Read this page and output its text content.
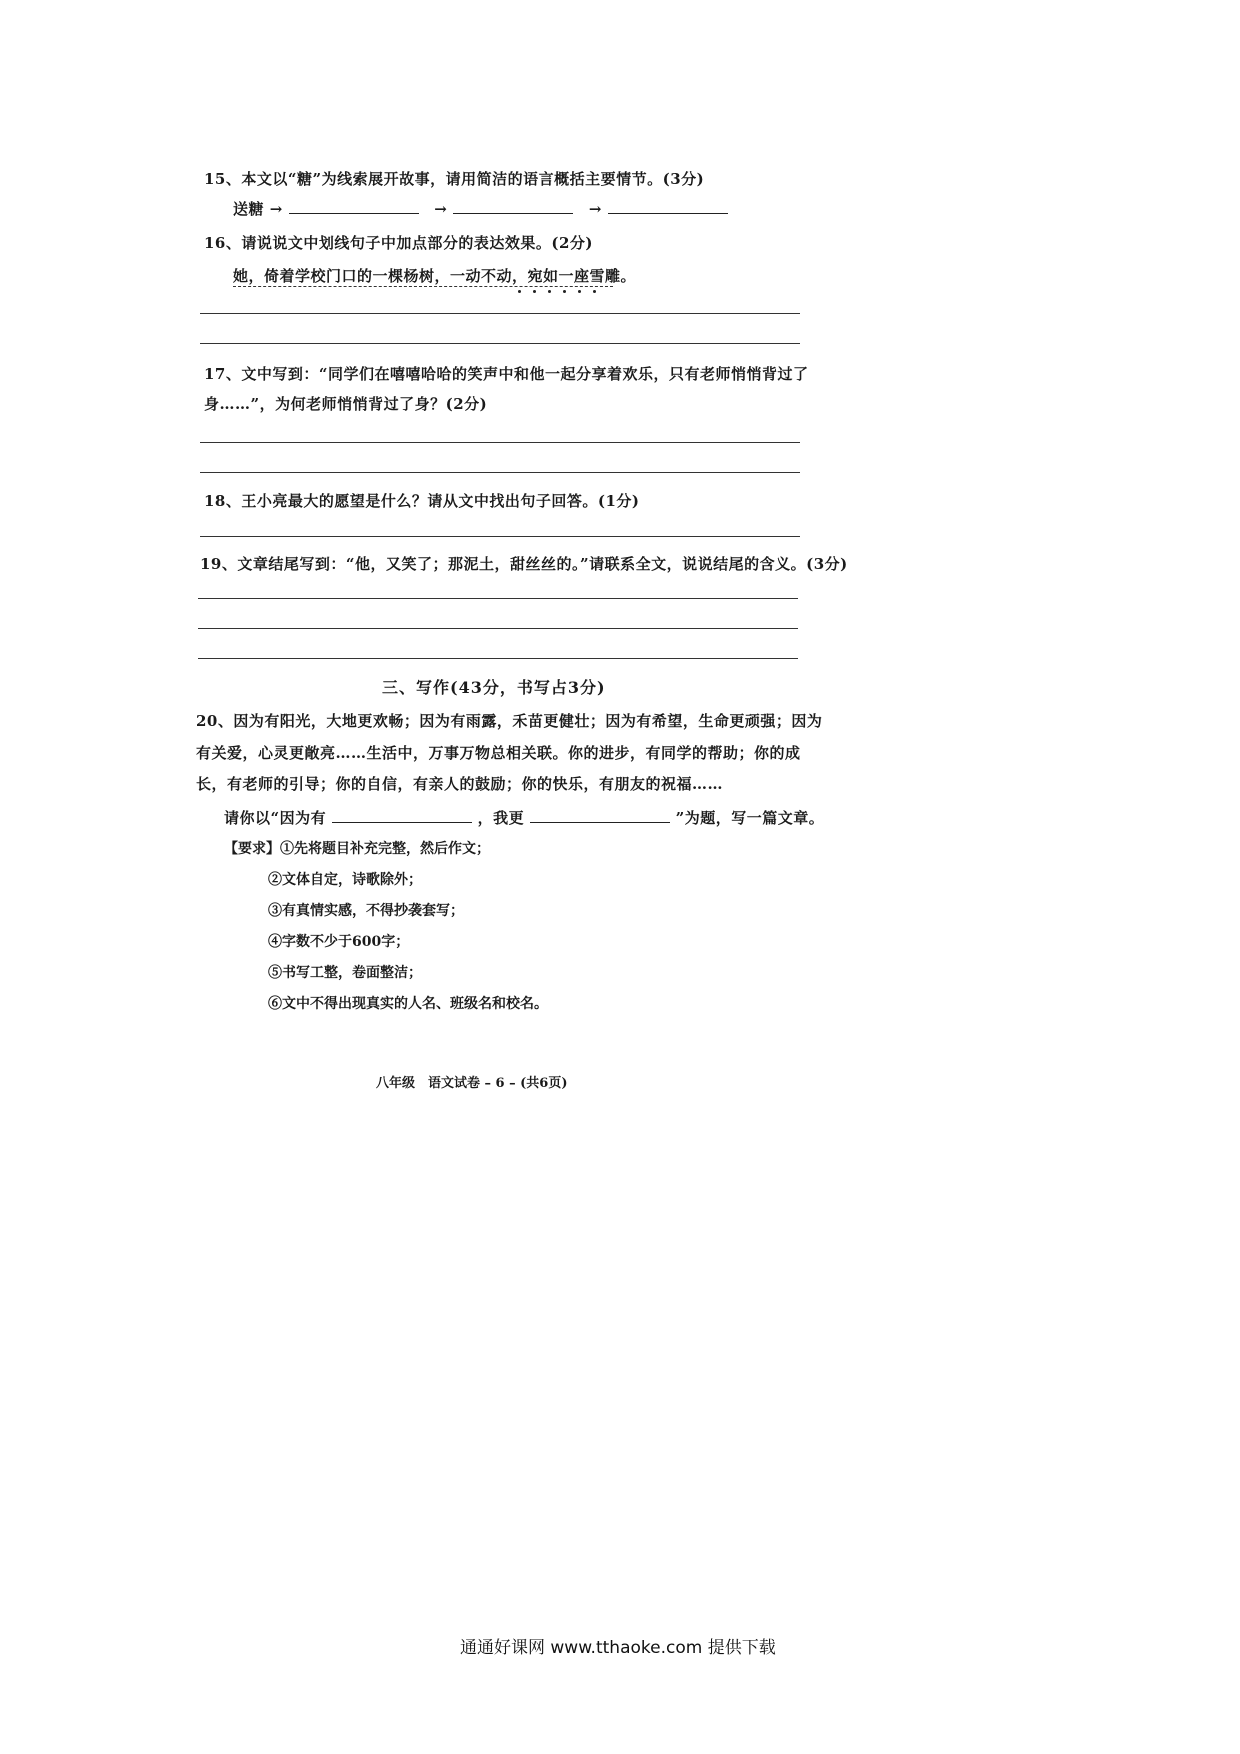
15、本文以“糖”为线索展开故事，请用简洁的语言概括主要情节。(3分)
送糖 →	→	→
16、请说说文中划线句子中加点部分的表达效果。(2分)
她，倚着学校门口的一棵杨树，一动不动，宛如一座雪雕。
17、文中写到：“同学们在嘻嘻哈哈的笑声中和他一起分享着欢乐，只有老师悄悄背过了
身……”，为何老师悄悄背过了身？(2分)
18、王小亮最大的愿望是什么？请从文中找出句子回答。(1分)
19、文章结尾写到：“他，又笑了；那泥土，甜丝丝的。”请联系全文，说说结尾的含义。(3分)
三、写作(43分，书写占3分)
20、因为有阳光，大地更欢畅；因为有雨露，禾苗更健壮；因为有希望，生命更顽强；因为
有关爱，心灵更敞亮……生活中，万事万物总相关联。你的进步，有同学的帮助；你的成
长，有老师的引导；你的自信，有亲人的鼓励；你的快乐，有朋友的祝福……
请你以“因为有	，我更	”为题，写一篇文章。
【要求】①先将题目补充完整，然后作文；
②文体自定，诗歌除外；
③有真情实感，不得抄袭套写；
④字数不少于600字；
⑤书写工整，卷面整洁；
⑥文中不得出现真实的人名、班级名和校名。
八年级　语文试卷 – 6 – (共6页)
通通好课网 www.tthaoke.com 提供下载
